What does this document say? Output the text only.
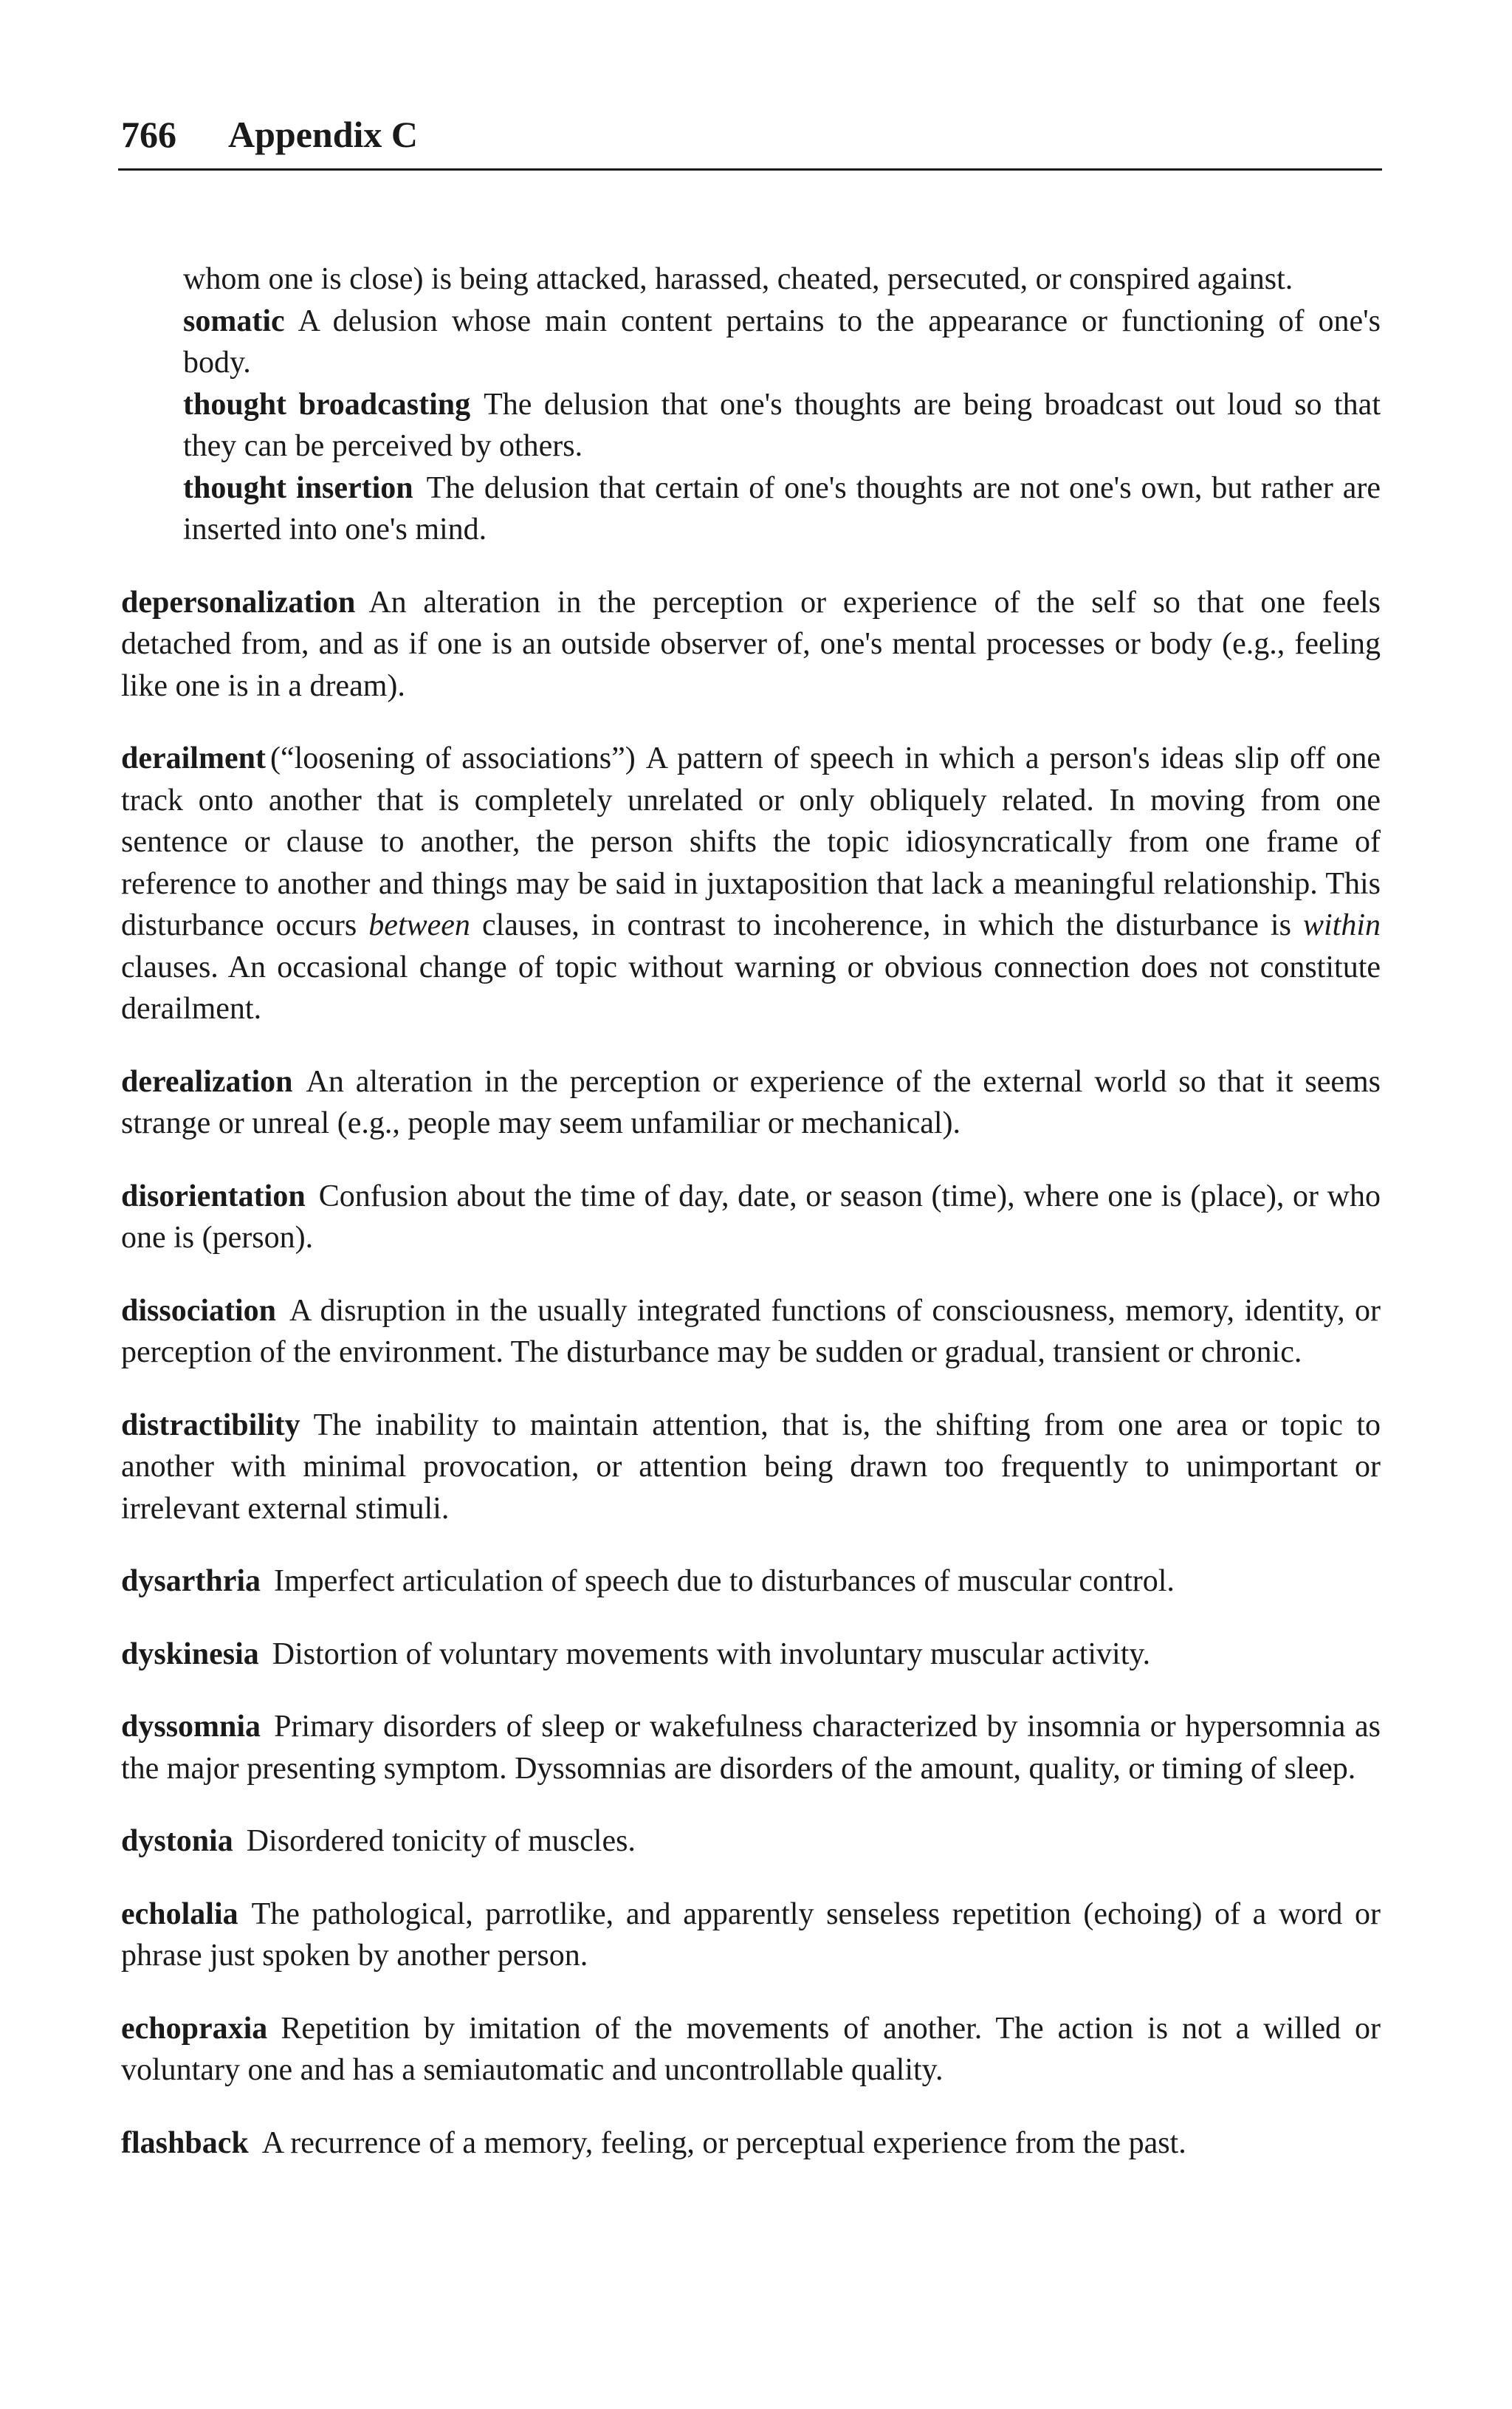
766 Appendix C

whom one is close) is being attacked, harassed, cheated, persecuted, or conspired against.

somatic A delusion whose main content pertains to the appearance or functioning of one's body.

thought broadcasting The delusion that one's thoughts are being broadcast out loud so that they can be perceived by others.

thought insertion The delusion that certain of one's thoughts are not one's own, but rather are inserted into one's mind.

depersonalization An alteration in the perception or experience of the self so that one feels detached from, and as if one is an outside observer of, one's mental processes or body (e.g., feeling like one is in a dream).

derailment (“loosening of associations”) A pattern of speech in which a person's ideas slip off one track onto another that is completely unrelated or only obliquely related. In moving from one sentence or clause to another, the person shifts the topic idiosyncratically from one frame of reference to another and things may be said in juxtaposition that lack a meaningful relationship. This disturbance occurs between clauses, in contrast to incoherence, in which the disturbance is within clauses. An occasional change of topic without warning or obvious connection does not constitute derailment.

derealization An alteration in the perception or experience of the external world so that it seems strange or unreal (e.g., people may seem unfamiliar or mechanical).

disorientation Confusion about the time of day, date, or season (time), where one is (place), or who one is (person).

dissociation A disruption in the usually integrated functions of consciousness, memory, identity, or perception of the environment. The disturbance may be sudden or gradual, transient or chronic.

distractibility The inability to maintain attention, that is, the shifting from one area or topic to another with minimal provocation, or attention being drawn too frequently to unimportant or irrelevant external stimuli.

dysarthria Imperfect articulation of speech due to disturbances of muscular control.

dyskinesia Distortion of voluntary movements with involuntary muscular activity.

dyssomnia Primary disorders of sleep or wakefulness characterized by insomnia or hypersomnia as the major presenting symptom. Dyssomnias are disorders of the amount, quality, or timing of sleep.

dystonia Disordered tonicity of muscles.

echolalia The pathological, parrotlike, and apparently senseless repetition (echoing) of a word or phrase just spoken by another person.

echopraxia Repetition by imitation of the movements of another. The action is not a willed or voluntary one and has a semiautomatic and uncontrollable quality.

flashback A recurrence of a memory, feeling, or perceptual experience from the past.
